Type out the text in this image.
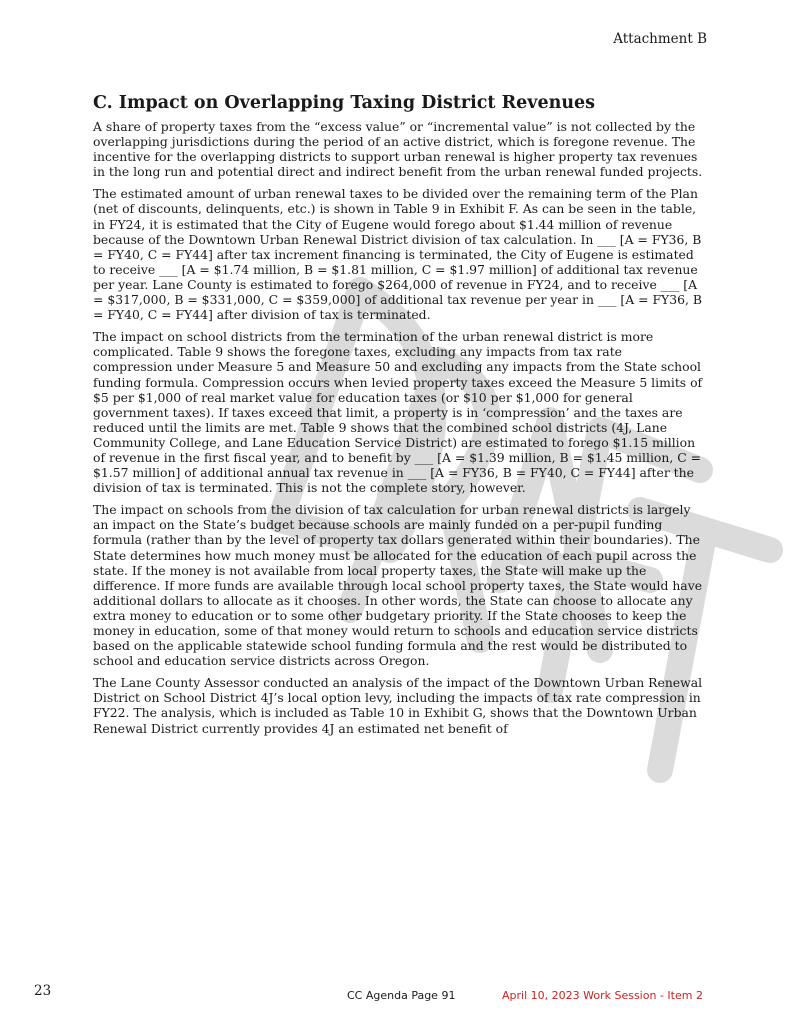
Attachment B
C. Impact on Overlapping Taxing District Revenues

A share of property taxes from the “excess value” or “incremental value” is not collected by the overlapping jurisdictions during the period of an active district, which is foregone revenue. The incentive for the overlapping districts to support urban renewal is higher property tax revenues in the long run and potential direct and indirect benefit from the urban renewal funded projects.

The estimated amount of urban renewal taxes to be divided over the remaining term of the Plan (net of discounts, delinquents, etc.) is shown in Table 9 in Exhibit F. As can be seen in the table, in FY24, it is estimated that the City of Eugene would forego about $1.44 million of revenue because of the Downtown Urban Renewal District division of tax calculation. In ___ [A = FY36, B = FY40, C = FY44] after tax increment financing is terminated, the City of Eugene is estimated to receive ___ [A = $1.74 million, B = $1.81 million, C = $1.97 million] of additional tax revenue per year. Lane County is estimated to forego $264,000 of revenue in FY24, and to receive ___ [A = $317,000, B = $331,000, C = $359,000] of additional tax revenue per year in ___ [A = FY36, B = FY40, C = FY44] after division of tax is terminated.

The impact on school districts from the termination of the urban renewal district is more complicated. Table 9 shows the foregone taxes, excluding any impacts from tax rate compression under Measure 5 and Measure 50 and excluding any impacts from the State school funding formula. Compression occurs when levied property taxes exceed the Measure 5 limits of $5 per $1,000 of real market value for education taxes (or $10 per $1,000 for general government taxes). If taxes exceed that limit, a property is in ‘compression’ and the taxes are reduced until the limits are met. Table 9 shows that the combined school districts (4J, Lane Community College, and Lane Education Service District) are estimated to forego $1.15 million of revenue in the first fiscal year, and to benefit by ___ [A = $1.39 million, B = $1.45 million, C = $1.57 million] of additional annual tax revenue in ___ [A = FY36, B = FY40, C = FY44] after the division of tax is terminated. This is not the complete story, however.

The impact on schools from the division of tax calculation for urban renewal districts is largely an impact on the State’s budget because schools are mainly funded on a per-pupil funding formula (rather than by the level of property tax dollars generated within their boundaries). The State determines how much money must be allocated for the education of each pupil across the state. If the money is not available from local property taxes, the State will make up the difference. If more funds are available through local school property taxes, the State would have additional dollars to allocate as it chooses. In other words, the State can choose to allocate any extra money to education or to some other budgetary priority. If the State chooses to keep the money in education, some of that money would return to schools and education service districts based on the applicable statewide school funding formula and the rest would be distributed to school and education service districts across Oregon.

The Lane County Assessor conducted an analysis of the impact of the Downtown Urban Renewal District on School District 4J’s local option levy, including the impacts of tax rate compression in FY22. The analysis, which is included as Table 10 in Exhibit G, shows that the Downtown Urban Renewal District currently provides 4J an estimated net benefit of

23	CC Agenda Page 91	April 10, 2023 Work Session - Item 2
